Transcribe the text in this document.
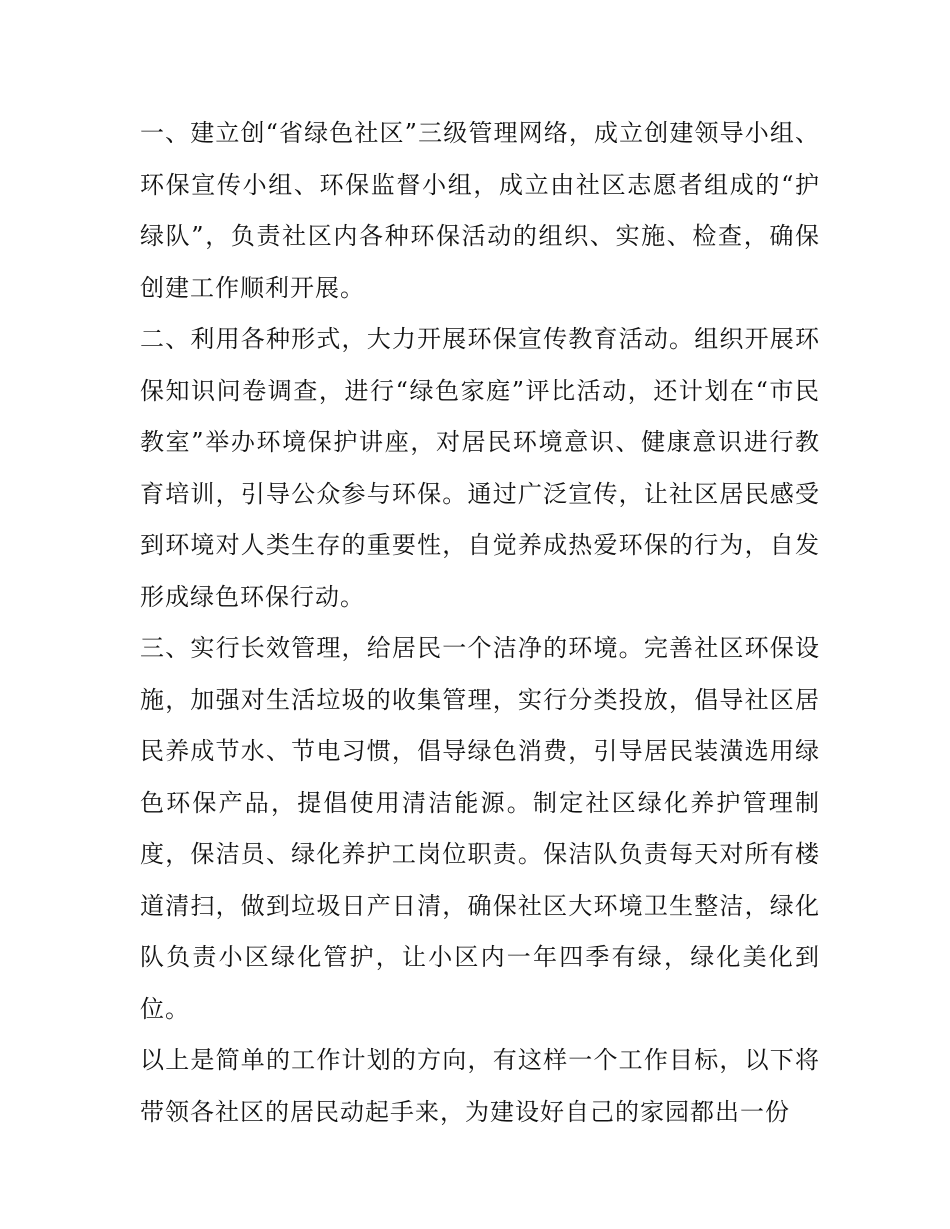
一、建立创“省绿色社区”三级管理网络，成立创建领导小组、环保宣传小组、环保监督小组，成立由社区志愿者组成的“护绿队”，负责社区内各种环保活动的组织、实施、检查，确保创建工作顺利开展。

二、利用各种形式，大力开展环保宣传教育活动。组织开展环保知识问卷调查，进行“绿色家庭”评比活动，还计划在“市民教室”举办环境保护讲座，对居民环境意识、健康意识进行教育培训，引导公众参与环保。通过广泛宣传，让社区居民感受到环境对人类生存的重要性，自觉养成热爱环保的行为，自发形成绿色环保行动。

三、实行长效管理，给居民一个洁净的环境。完善社区环保设施，加强对生活垃圾的收集管理，实行分类投放，倡导社区居民养成节水、节电习惯，倡导绿色消费，引导居民装潢选用绿色环保产品，提倡使用清洁能源。制定社区绿化养护管理制度，保洁员、绿化养护工岗位职责。保洁队负责每天对所有楼道清扫，做到垃圾日产日清，确保社区大环境卫生整洁，绿化队负责小区绿化管护，让小区内一年四季有绿，绿化美化到位。

以上是简单的工作计划的方向，有这样一个工作目标，以下将带领各社区的居民动起手来，为建设好自己的家园都出一份
